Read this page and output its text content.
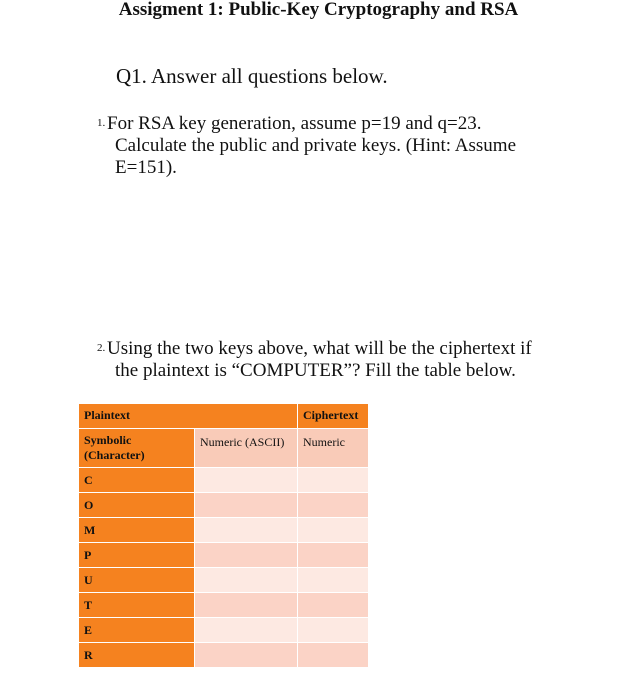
Assigment 1: Public-Key Cryptography and RSA
Q1. Answer all questions below.
1. For RSA key generation, assume p=19 and q=23.
Calculate the public and private keys. (Hint: Assume
E=151).
2. Using the two keys above, what will be the ciphertext if
the plaintext is “COMPUTER”? Fill the table below.
Plaintext		Ciphertext
Symbolic
(Character)	Numeric (ASCII)	Numeric
C		
O		
M		
P		
U		
T		
E		
R		
